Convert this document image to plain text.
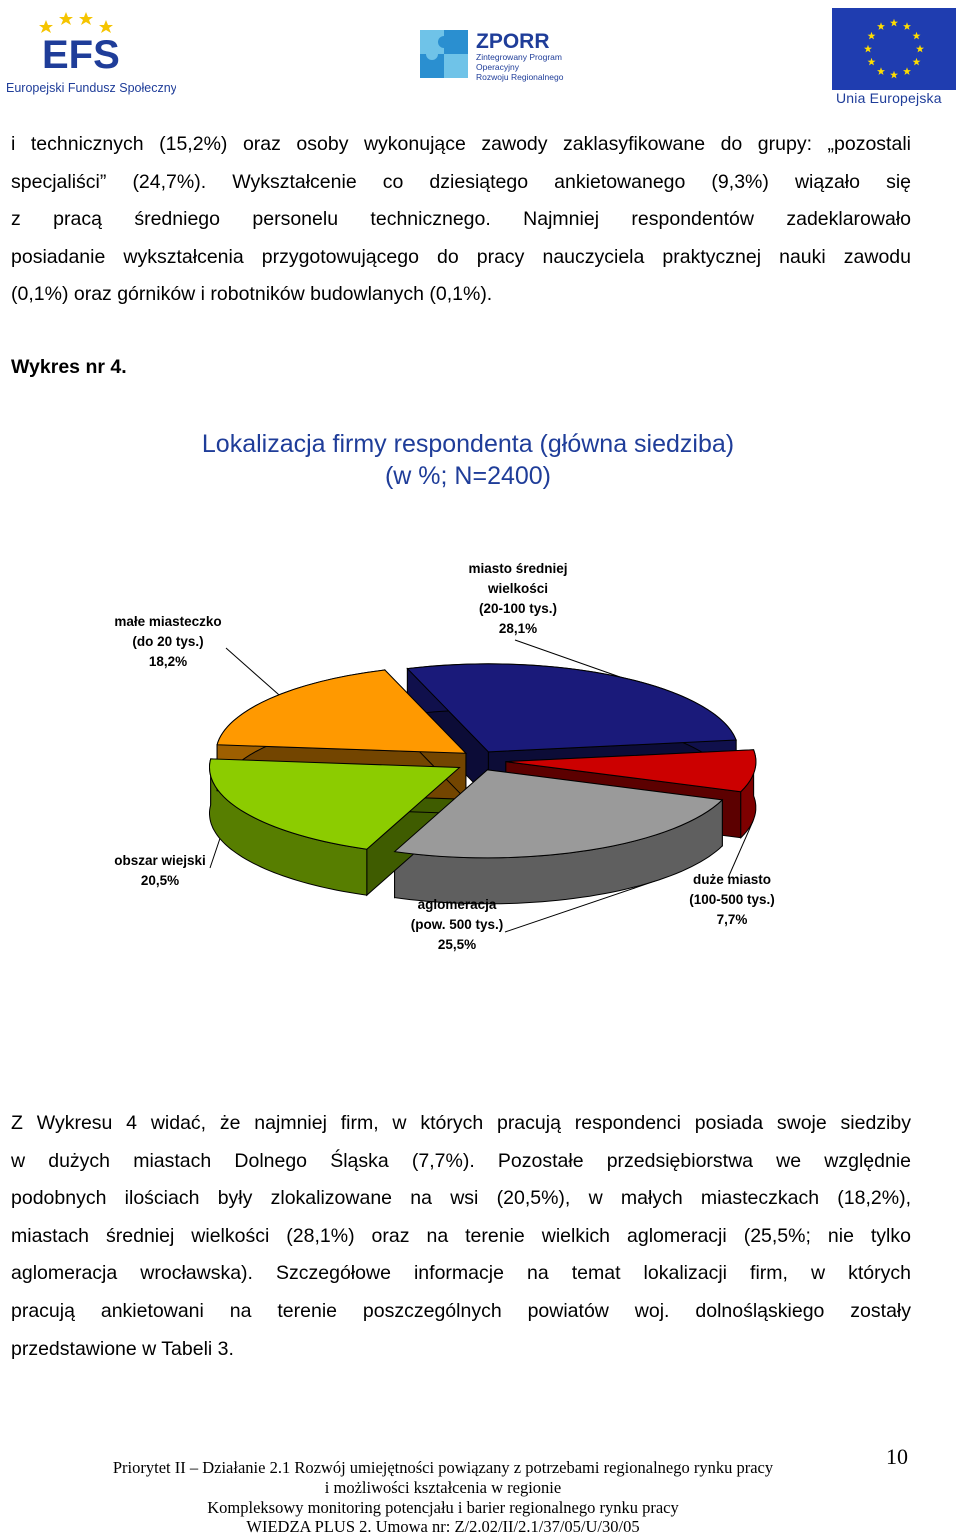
EFS
Europejski Fundusz Społeczny
ZPORR
Zintegrowany Program
Operacyjny
Rozwoju Regionalnego
Unia Europejska
i technicznych (15,2%) oraz osoby wykonujące zawody zaklasyfikowane do grupy: „pozostali
specjaliści” (24,7%). Wykształcenie co dziesiątego ankietowanego (9,3%) wiązało się
z pracą średniego personelu technicznego. Najmniej respondentów zadeklarowało
posiadanie wykształcenia przygotowującego do pracy nauczyciela praktycznej nauki zawodu
(0,1%) oraz górników i robotników budowlanych (0,1%).
Wykres nr 4.
Lokalizacja firmy respondenta (główna siedziba)
(w %; N=2400)
małe miasteczko
(do 20 tys.)
18,2%
miasto średniej
wielkości
(20-100 tys.)
28,1%
obszar wiejski
20,5%
aglomeracja
(pow. 500 tys.)
25,5%
duże miasto
(100-500 tys.)
7,7%
Z Wykresu 4 widać, że najmniej firm, w których pracują respondenci posiada swoje siedziby
w dużych miastach Dolnego Śląska (7,7%). Pozostałe przedsiębiorstwa we względnie
podobnych ilościach były zlokalizowane na wsi (20,5%), w małych miasteczkach (18,2%),
miastach średniej wielkości (28,1%) oraz na terenie wielkich aglomeracji (25,5%; nie tylko
aglomeracja wrocławska). Szczegółowe informacje na temat lokalizacji firm, w których
pracują ankietowani na terenie poszczególnych powiatów woj. dolnośląskiego zostały
przedstawione w Tabeli 3.
Priorytet II – Działanie 2.1 Rozwój umiejętności powiązany z potrzebami regionalnego rynku pracy
i możliwości kształcenia w regionie
Kompleksowy monitoring potencjału i barier regionalnego rynku pracy
WIEDZA PLUS 2. Umowa nr: Z/2.02/II/2.1/37/05/U/30/05
10
